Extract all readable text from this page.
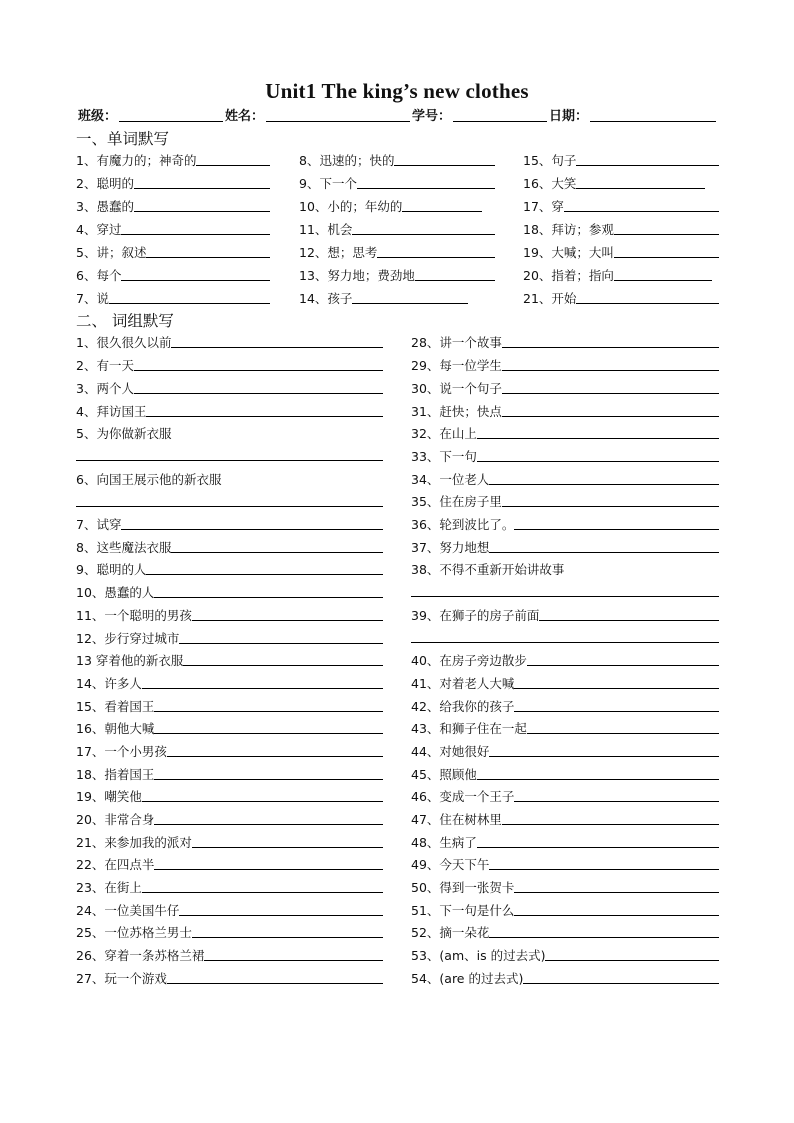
Unit1 The king’s new clothes
班级：	姓名：	学号：	日期：
一、单词默写
1、有魔力的；神奇的
2、聪明的
3、愚蠢的
4、穿过
5、讲；叙述
6、每个
7、说
8、迅速的；快的
9、下一个
10、小的；年幼的
11、机会
12、想；思考
13、努力地；费劲地
14、孩子
15、句子
16、大笑
17、穿
18、拜访；参观
19、大喊；大叫
20、指着；指向
21、开始
二、 词组默写
1、很久很久以前
2、有一天
3、两个人
4、拜访国王
5、为你做新衣服
6、向国王展示他的新衣服
7、试穿
8、这些魔法衣服
9、聪明的人
10、愚蠢的人
11、一个聪明的男孩
12、步行穿过城市
13 穿着他的新衣服
14、许多人
15、看着国王
16、朝他大喊
17、一个小男孩
18、指着国王
19、嘲笑他
20、非常合身
21、来参加我的派对
22、在四点半
23、在街上
24、一位美国牛仔
25、一位苏格兰男士
26、穿着一条苏格兰裙
27、玩一个游戏
28、讲一个故事
29、每一位学生
30、说一个句子
31、赶快；快点
32、在山上
33、下一句
34、一位老人
35、住在房子里
36、轮到波比了。
37、努力地想
38、不得不重新开始讲故事
39、在狮子的房子前面
40、在房子旁边散步
41、对着老人大喊
42、给我你的孩子
43、和狮子住在一起
44、对她很好
45、照顾他
46、变成一个王子
47、住在树林里
48、生病了
49、今天下午
50、得到一张贺卡
51、下一句是什么
52、摘一朵花
53、(am、is 的过去式)
54、(are 的过去式)
